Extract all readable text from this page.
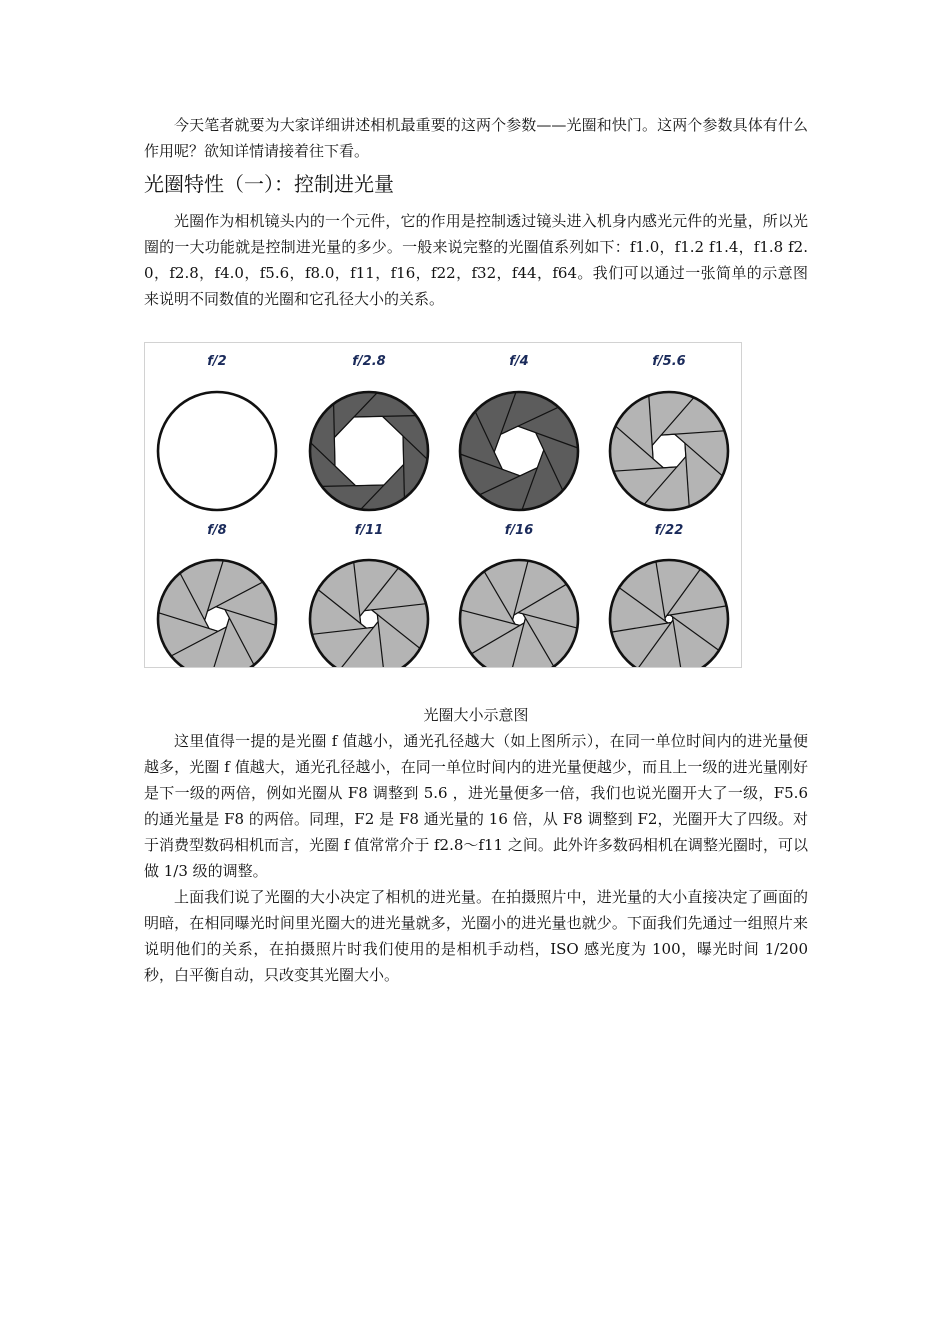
今天笔者就要为大家详细讲述相机最重要的这两个参数——光圈和快门。这两个参数具体有什么作用呢？欲知详情请接着往下看。

光圈特性（一）：控制进光量

光圈作为相机镜头内的一个元件，它的作用是控制透过镜头进入机身内感光元件的光量，所以光圈的一大功能就是控制进光量的多少。一般来说完整的光圈值系列如下：f1.0，f1.2 f1.4，f1.8 f2.0，f2.8，f4.0，f5.6，f8.0，f11，f16，f22，f32，f44，f64。我们可以通过一张简单的示意图来说明不同数值的光圈和它孔径大小的关系。

f/2	f/2.8	f/4	f/5.6
f/8	f/11	f/16	f/22
光圈大小示意图

这里值得一提的是光圈 f 值越小，通光孔径越大（如上图所示），在同一单位时间内的进光量便越多，光圈 f 值越大，通光孔径越小，在同一单位时间内的进光量便越少，而且上一级的进光量刚好是下一级的两倍，例如光圈从 F8 调整到 5.6 ，进光量便多一倍，我们也说光圈开大了一级，F5.6 的通光量是 F8 的两倍。同理，F2 是 F8 通光量的 16 倍，从 F8 调整到 F2，光圈开大了四级。对于消费型数码相机而言，光圈 f 值常常介于 f2.8～f11 之间。此外许多数码相机在调整光圈时，可以做 1/3 级的调整。

上面我们说了光圈的大小决定了相机的进光量。在拍摄照片中，进光量的大小直接决定了画面的明暗，在相同曝光时间里光圈大的进光量就多，光圈小的进光量也就少。下面我们先通过一组照片来说明他们的关系，在拍摄照片时我们使用的是相机手动档，ISO 感光度为 100，曝光时间 1/200 秒，白平衡自动，只改变其光圈大小。
